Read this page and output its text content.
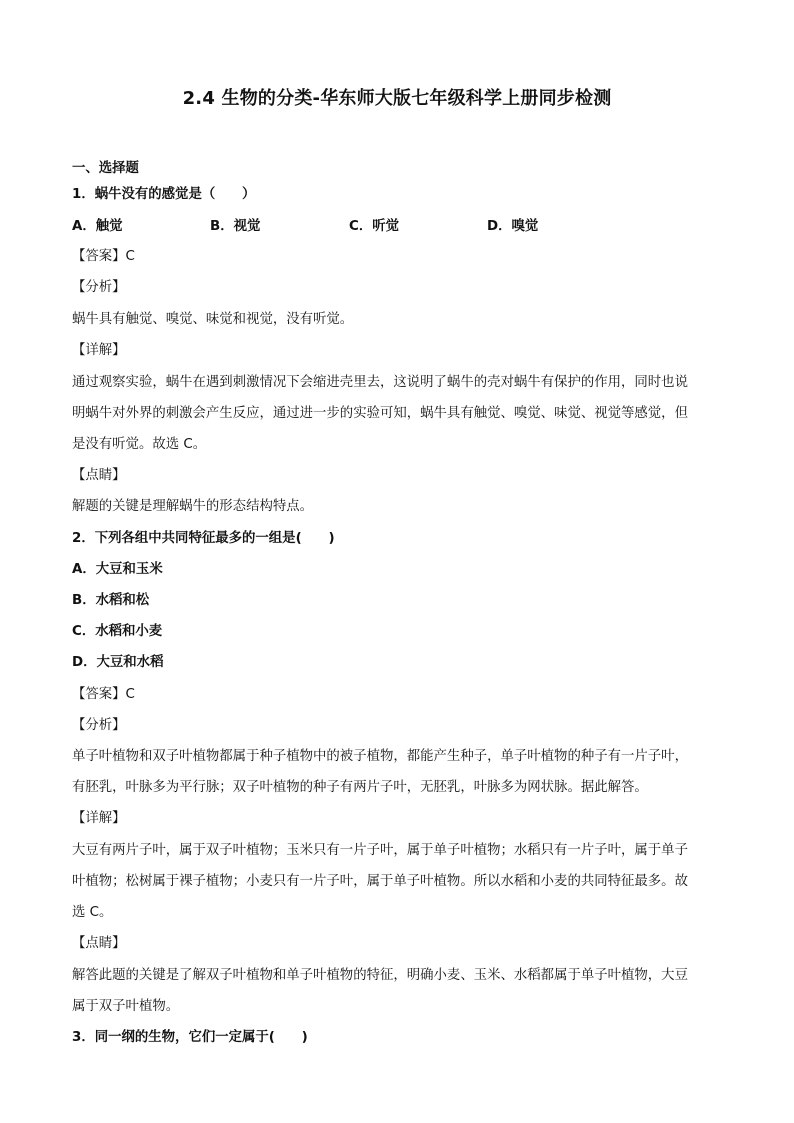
2.4 生物的分类-华东师大版七年级科学上册同步检测
一、选择题
1．蜗牛没有的感觉是（　　）
A．触觉	B．视觉	C．听觉	D．嗅觉
【答案】C
【分析】
蜗牛具有触觉、嗅觉、味觉和视觉，没有听觉。
【详解】
通过观察实验，蜗牛在遇到刺激情况下会缩进壳里去，这说明了蜗牛的壳对蜗牛有保护的作用，同时也说
明蜗牛对外界的刺激会产生反应，通过进一步的实验可知，蜗牛具有触觉、嗅觉、味觉、视觉等感觉，但
是没有听觉。故选 C。
【点睛】
解题的关键是理解蜗牛的形态结构特点。
2．下列各组中共同特征最多的一组是(　　)
A．大豆和玉米
B．水稻和松
C．水稻和小麦
D．大豆和水稻
【答案】C
【分析】
单子叶植物和双子叶植物都属于种子植物中的被子植物，都能产生种子，单子叶植物的种子有一片子叶，
有胚乳，叶脉多为平行脉；双子叶植物的种子有两片子叶，无胚乳，叶脉多为网状脉。据此解答。
【详解】
大豆有两片子叶，属于双子叶植物；玉米只有一片子叶，属于单子叶植物；水稻只有一片子叶，属于单子
叶植物；松树属于裸子植物；小麦只有一片子叶，属于单子叶植物。所以水稻和小麦的共同特征最多。故
选 C。
【点睛】
解答此题的关键是了解双子叶植物和单子叶植物的特征，明确小麦、玉米、水稻都属于单子叶植物，大豆
属于双子叶植物。
3．同一纲的生物，它们一定属于(　　)
